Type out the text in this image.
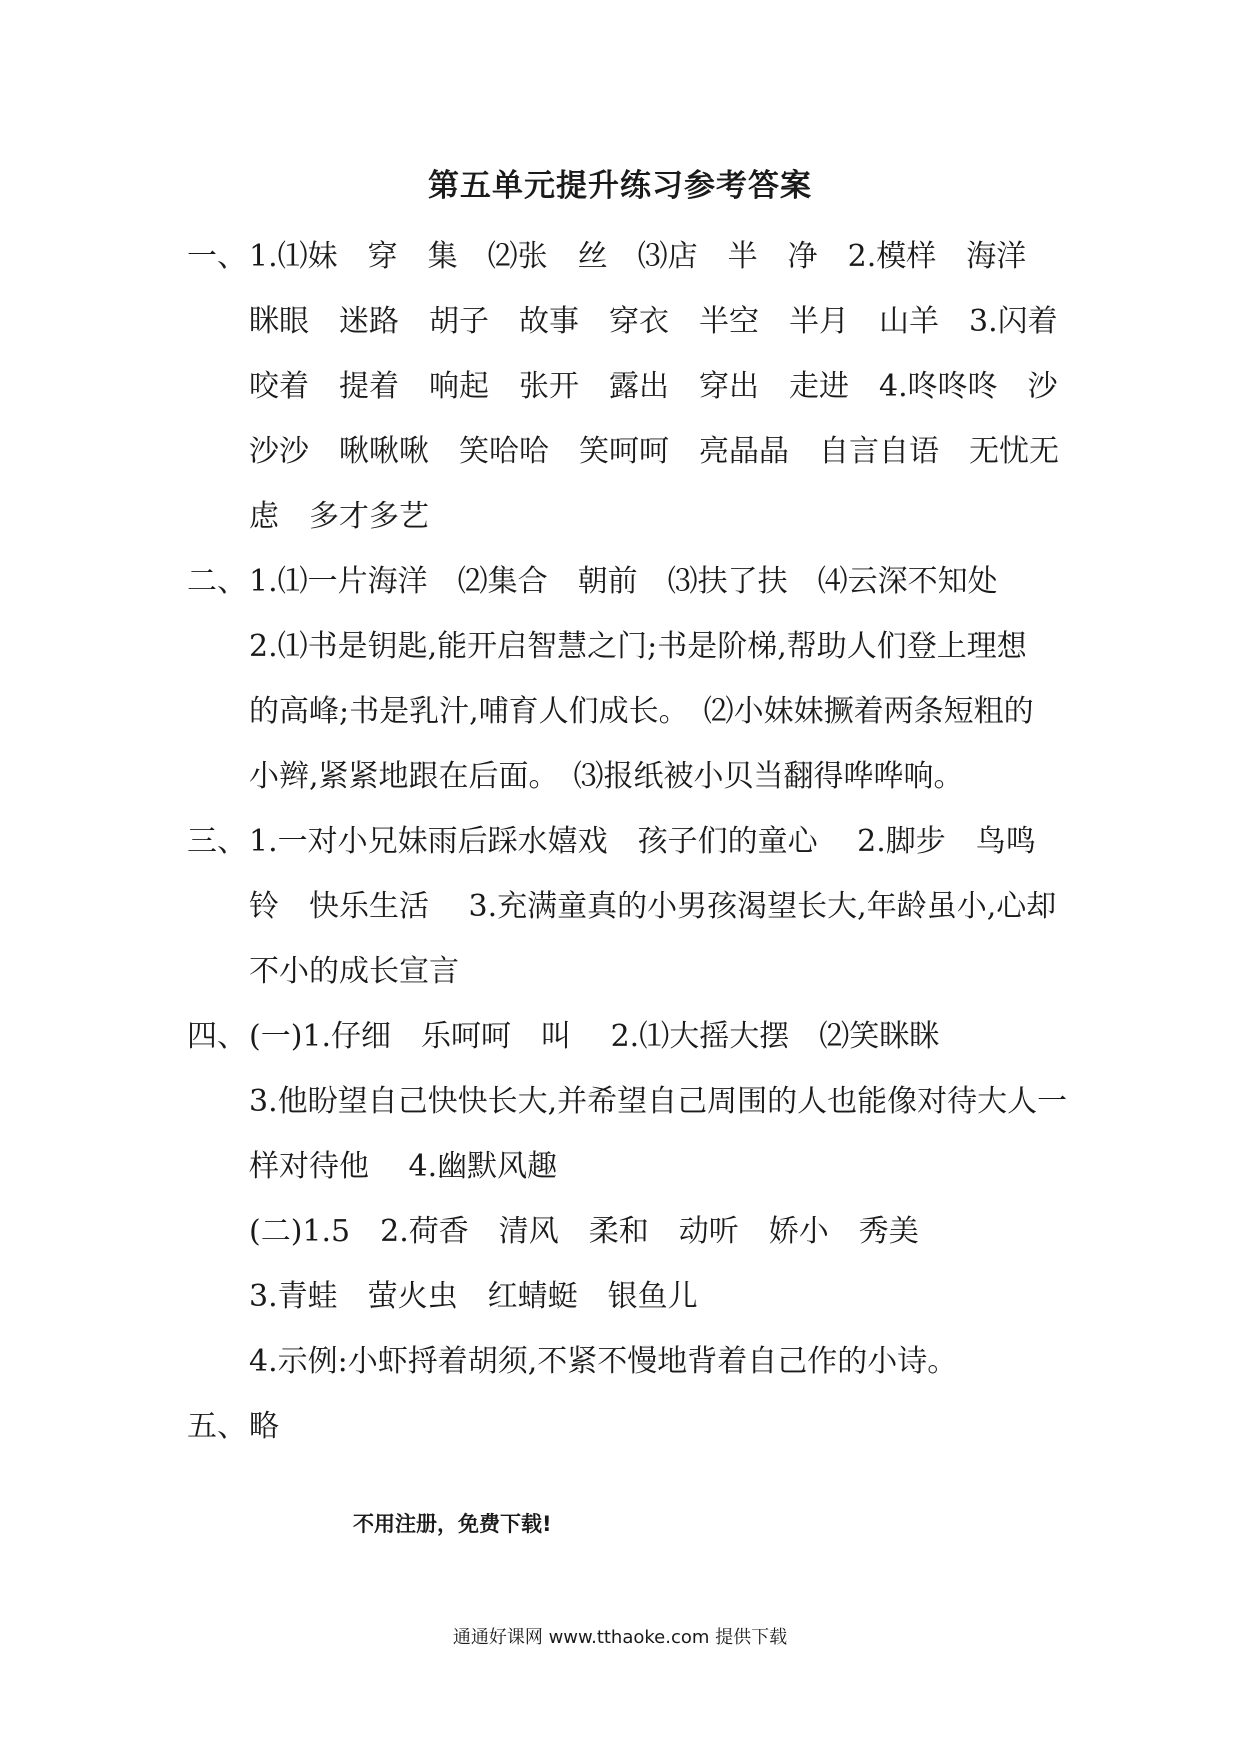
第五单元提升练习参考答案
一、 1.⑴妹　穿　集　⑵张　丝　⑶店　半　净　2.模样　海洋
眯眼　迷路　胡子　故事　穿衣　半空　半月　山羊　3.闪着
咬着　提着　响起　张开　露出　穿出　走进　4.咚咚咚　沙
沙沙　啾啾啾　笑哈哈　笑呵呵　亮晶晶　自言自语　无忧无
虑　多才多艺
二、 1.⑴一片海洋　⑵集合　朝前　⑶扶了扶　⑷云深不知处
2.⑴书是钥匙,能开启智慧之门;书是阶梯,帮助人们登上理想
的高峰;书是乳汁,哺育人们成长。　⑵小妹妹撅着两条短粗的
小辫,紧紧地跟在后面。　⑶报纸被小贝当翻得哗哗响。
三、 1.一对小兄妹雨后踩水嬉戏　孩子们的童心　 2.脚步　鸟鸣
铃　快乐生活　 3.充满童真的小男孩渴望长大,年龄虽小,心却
不小的成长宣言
四、 (一)1.仔细　乐呵呵　叫　 2.⑴大摇大摆　⑵笑眯眯
3.他盼望自己快快长大,并希望自己周围的人也能像对待大人一
样对待他　 4.幽默风趣
(二)1.5　2.荷香　清风　柔和　动听　娇小　秀美
3.青蛙　萤火虫　红蜻蜓　银鱼儿
4.示例:小虾捋着胡须,不紧不慢地背着自己作的小诗。
五、 略
不用注册，免费下载!
通通好课网 www.tthaoke.com 提供下载
